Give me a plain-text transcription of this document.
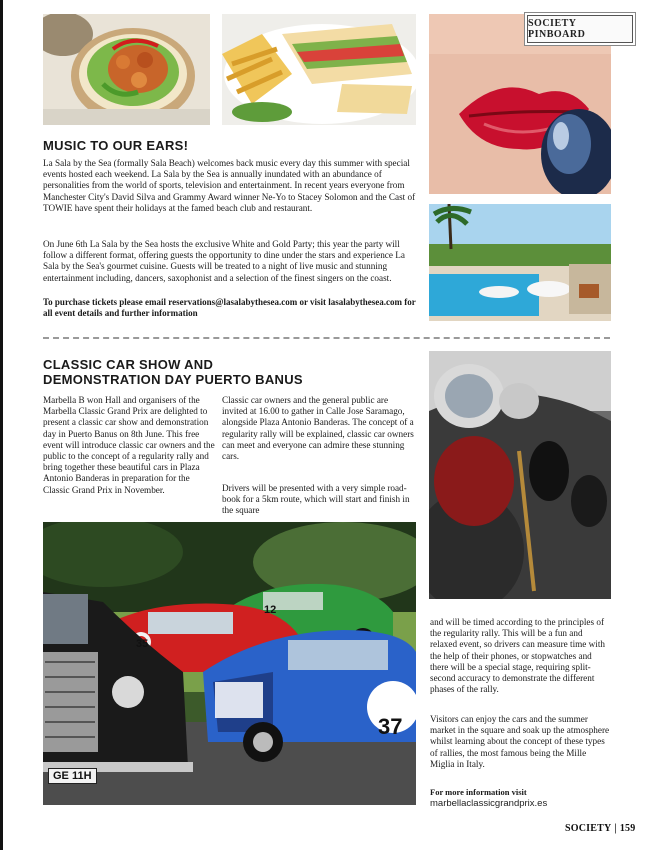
SOCIETY PINBOARD
MUSIC TO OUR EARS!

La Sala by the Sea (formally Sala Beach) welcomes back music every day this summer with special events hosted each weekend. La Sala by the Sea is annually inundated with an abundance of personalities from the world of sports, television and entertainment. In recent years everyone from Manchester City's David Silva and Grammy Award winner Ne-Yo to Stacey Solomon and the Cast of TOWIE have spent their holidays at the famed beach club and restaurant.

On June 6th La Sala by the Sea hosts the exclusive White and Gold Party; this year the party will follow a different format, offering guests the opportunity to dine under the stars and experience La Sala by the Sea's gourmet cuisine. Guests will be treated to a night of live music and stunning entertainment including, dancers, saxophonist and a selection of the finest singers on the coast.

To purchase tickets please email reservations@lasalabythesea.com or visit lasalabythesea.com for all event details and further information

CLASSIC CAR SHOW AND
DEMONSTRATION DAY PUERTO BANUS

Marbella B won Hall and organisers of the Marbella Classic Grand Prix are delighted to present a classic car show and demonstration day in Puerto Banus on 8th June. This free event will introduce classic car owners and the public to the concept of a regularity rally and bring together these beautiful cars in Plaza Antonio Banderas in preparation for the Classic Grand Prix in November.

Classic car owners and the general public are invited at 16.00 to gather in Calle Jose Saramago, alongside Plaza Antonio Banderas. The concept of a regularity rally will be explained, classic car owners can meet and everyone can admire these stunning cars.

Drivers will be presented with a very simple road-book for a 5km route, which will start and finish in the square

35
12
37
GE 11H

and will be timed according to the principles of the regularity rally. This will be a fun and relaxed event, so drivers can measure time with the help of their phones, or stopwatches and there will be a special stage, requiring split-second accuracy to demonstrate the different phases of the rally.

Visitors can enjoy the cars and the summer market in the square and soak up the atmosphere whilst learning about the concept of these types of rallies, the most famous being the Mille Miglia in Italy.

For more information visit

marbellaclassicgrandprix.es
SOCIETY | 159
